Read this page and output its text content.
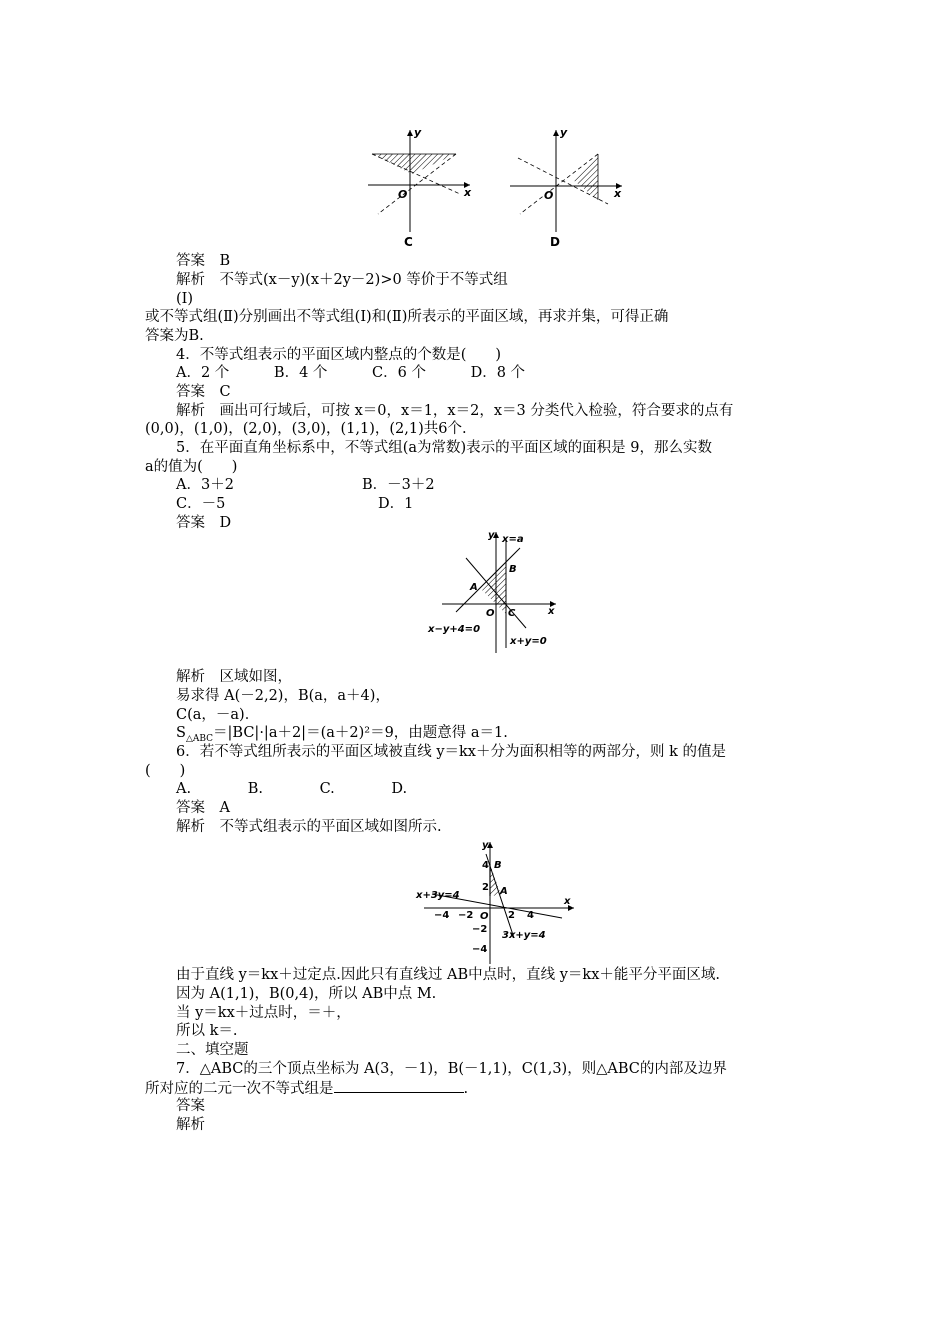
y
x
O
C
y
x
O
D
答案　 B
解析　 不等式(x－y)(x＋2y－2)>0 等价于不等式组
(Ⅰ)
或不等式组(Ⅱ)分别画出不等式组(Ⅰ)和(Ⅱ)所表示的平面区域，再求并集，可得正确
答案为B.
4．不等式组表示的平面区域内整点的个数是(　　)
A．2 个	B．4 个	C．6 个	D．8 个
答案　 C
解析　 画出可行域后，可按 x＝0，x＝1，x＝2，x＝3 分类代入检验，符合要求的点有
(0,0)，(1,0)，(2,0)，(3,0)，(1,1)，(2,1)共6个.
5．在平面直角坐标系中，不等式组(a为常数)表示的平面区域的面积是 9，那么实数
a的值为(　　)
A．3＋2	B．－3＋2
C．－5	D．1
答案　 D
y x=a
x
A
B
O C
x−y+4=0
x+y=0
解析　 区域如图，
易求得 A(－2,2)，B(a，a＋4)，
C(a，－a)．
$S_{\triangle ABC}=|BC|\cdot|a+2|=(a+2)^2=9$，由题意得 a＝1.
6．若不等式组所表示的平面区域被直线 y＝kx＋分为面积相等的两部分，则 k 的值是
(　　)
A.	B.	C.	D.
答案　 A
解析　 不等式组表示的平面区域如图所示.
y
x
B
A
O
4
2
−4 −2	2 4
−2
−4
x+3y=4
3x+y=4
由于直线 y＝kx＋过定点.因此只有直线过 AB中点时，直线 y＝kx＋能平分平面区域.
因为 A(1,1)，B(0,4)，所以 AB中点 M.
当 y＝kx＋过点时，＝＋，
所以 k＝.
二、填空题
7．△ABC的三个顶点坐标为 A(3，－1)，B(－1,1)，C(1,3)，则△ABC的内部及边界
所对应的二元一次不等式组是	.
答案
解析
